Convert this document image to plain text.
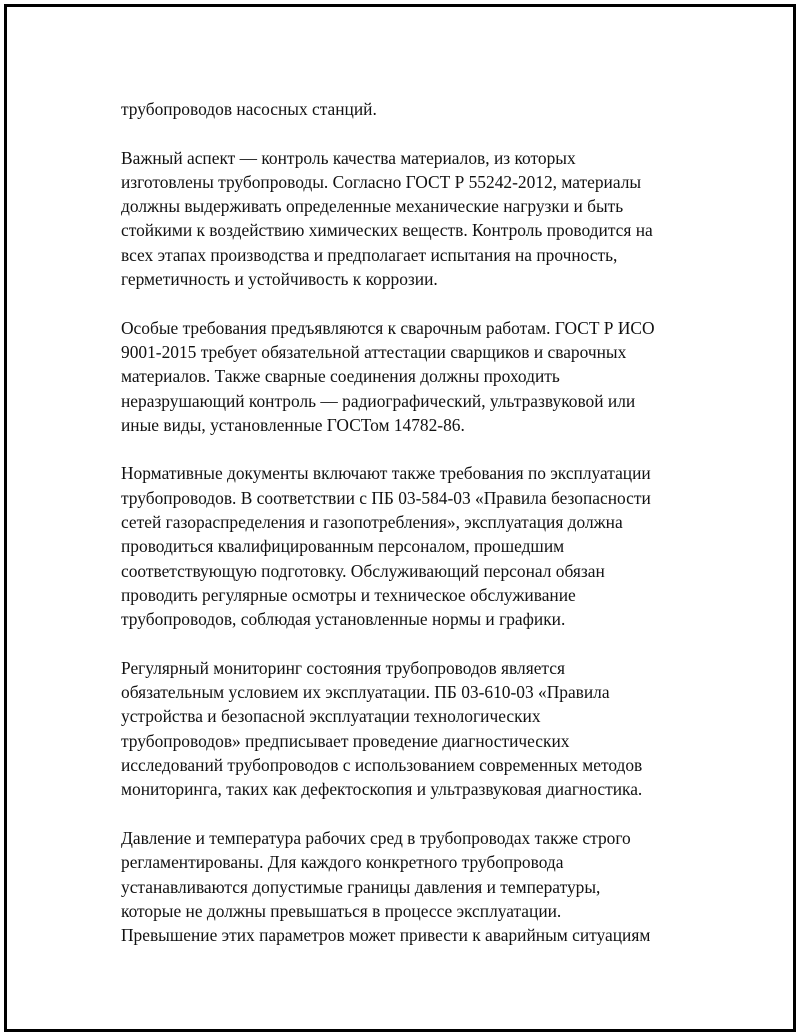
трубопроводов насосных станций.

Важный аспект — контроль качества материалов, из которых
изготовлены трубопроводы. Согласно ГОСТ Р 55242-2012, материалы
должны выдерживать определенные механические нагрузки и быть
стойкими к воздействию химических веществ. Контроль проводится на
всех этапах производства и предполагает испытания на прочность,
герметичность и устойчивость к коррозии.

Особые требования предъявляются к сварочным работам. ГОСТ Р ИСО
9001-2015 требует обязательной аттестации сварщиков и сварочных
материалов. Также сварные соединения должны проходить
неразрушающий контроль — радиографический, ультразвуковой или
иные виды, установленные ГОСТом 14782-86.

Нормативные документы включают также требования по эксплуатации
трубопроводов. В соответствии с ПБ 03-584-03 «Правила безопасности
сетей газораспределения и газопотребления», эксплуатация должна
проводиться квалифицированным персоналом, прошедшим
соответствующую подготовку. Обслуживающий персонал обязан
проводить регулярные осмотры и техническое обслуживание
трубопроводов, соблюдая установленные нормы и графики.

Регулярный мониторинг состояния трубопроводов является
обязательным условием их эксплуатации. ПБ 03-610-03 «Правила
устройства и безопасной эксплуатации технологических
трубопроводов» предписывает проведение диагностических
исследований трубопроводов с использованием современных методов
мониторинга, таких как дефектоскопия и ультразвуковая диагностика.

Давление и температура рабочих сред в трубопроводах также строго
регламентированы. Для каждого конкретного трубопровода
устанавливаются допустимые границы давления и температуры,
которые не должны превышаться в процессе эксплуатации.
Превышение этих параметров может привести к аварийным ситуациям
